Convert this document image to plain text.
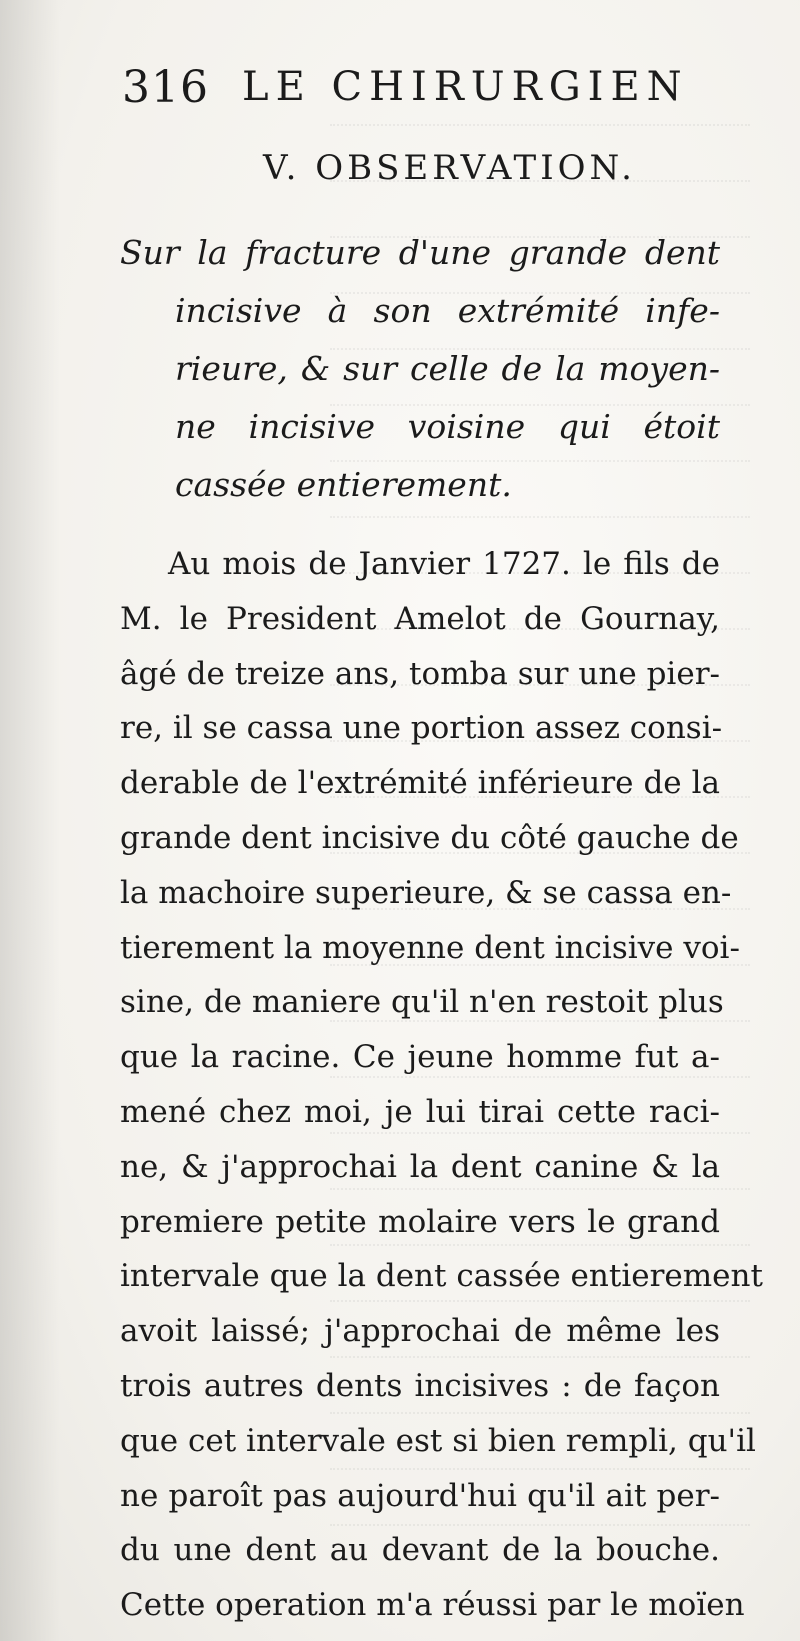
316 LE CHIRURGIEN
V. OBSERVATION.
Sur la fracture d'une grande dent
incisive à son extrémité infe-
rieure, & sur celle de la moyen-
ne incisive voisine qui étoit
cassée entierement.
Au mois de Janvier 1727. le fils de
M. le President Amelot de Gournay,
âgé de treize ans, tomba sur une pier-
re, il se cassa une portion assez consi-
derable de l'extrémité inférieure de la
grande dent incisive du côté gauche de
la machoire superieure, & se cassa en-
tierement la moyenne dent incisive voi-
sine, de maniere qu'il n'en restoit plus
que la racine. Ce jeune homme fut a-
mené chez moi, je lui tirai cette raci-
ne, & j'approchai la dent canine & la
premiere petite molaire vers le grand
intervale que la dent cassée entierement
avoit laissé; j'approchai de même les
trois autres dents incisives : de façon
que cet intervale est si bien rempli, qu'il
ne paroît pas aujourd'hui qu'il ait per-
du une dent au devant de la bouche.
Cette operation m'a réussi par le moïen
